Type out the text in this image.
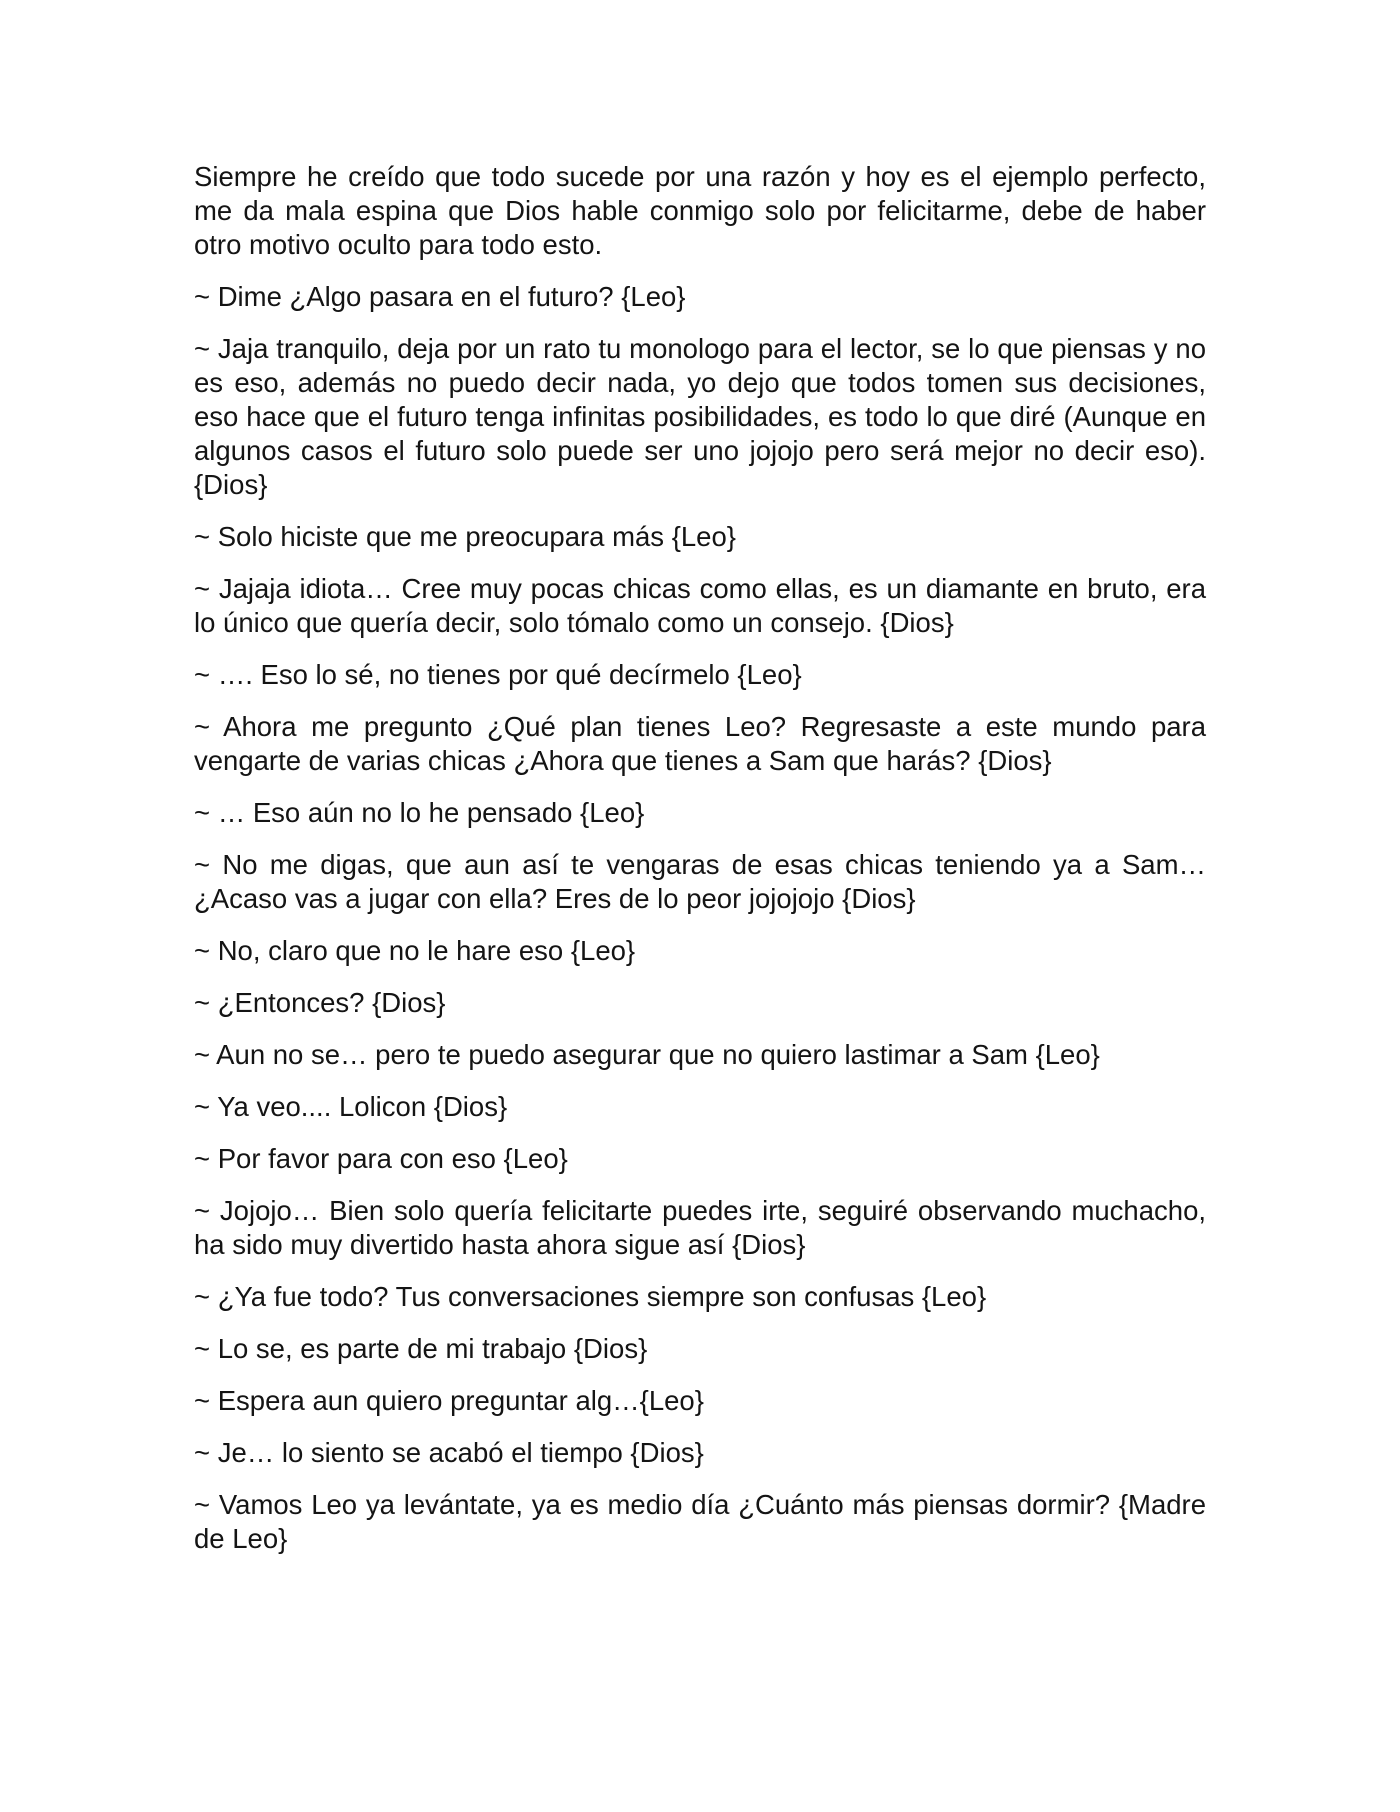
Siempre he creído que todo sucede por una razón y hoy es el ejemplo perfecto, me da mala espina que Dios hable conmigo solo por felicitarme, debe de haber otro motivo oculto para todo esto.

~ Dime ¿Algo pasara en el futuro? {Leo}

~ Jaja tranquilo, deja por un rato tu monologo para el lector, se lo que piensas y no es eso, además no puedo decir nada, yo dejo que todos tomen sus decisiones, eso hace que el futuro tenga infinitas posibilidades, es todo lo que diré (Aunque en algunos casos el futuro solo puede ser uno jojojo pero será mejor no decir eso). {Dios}

~ Solo hiciste que me preocupara más {Leo}

~ Jajaja idiota… Cree muy pocas chicas como ellas, es un diamante en bruto, era lo único que quería decir, solo tómalo como un consejo. {Dios}

~ …. Eso lo sé, no tienes por qué decírmelo {Leo}

~ Ahora me pregunto ¿Qué plan tienes Leo? Regresaste a este mundo para vengarte de varias chicas ¿Ahora que tienes a Sam que harás? {Dios}

~ … Eso aún no lo he pensado {Leo}

~ No me digas, que aun así te vengaras de esas chicas teniendo ya a Sam… ¿Acaso vas a jugar con ella? Eres de lo peor jojojojo {Dios}

~ No, claro que no le hare eso {Leo}

~ ¿Entonces? {Dios}

~ Aun no se… pero te puedo asegurar que no quiero lastimar a Sam {Leo}

~ Ya veo.... Lolicon {Dios}

~ Por favor para con eso {Leo}

~ Jojojo… Bien solo quería felicitarte puedes irte, seguiré observando muchacho, ha sido muy divertido hasta ahora sigue así {Dios}

~ ¿Ya fue todo? Tus conversaciones siempre son confusas {Leo}

~ Lo se, es parte de mi trabajo {Dios}

~ Espera aun quiero preguntar alg…{Leo}

~ Je… lo siento se acabó el tiempo {Dios}

~ Vamos Leo ya levántate, ya es medio día ¿Cuánto más piensas dormir? {Madre de Leo}
